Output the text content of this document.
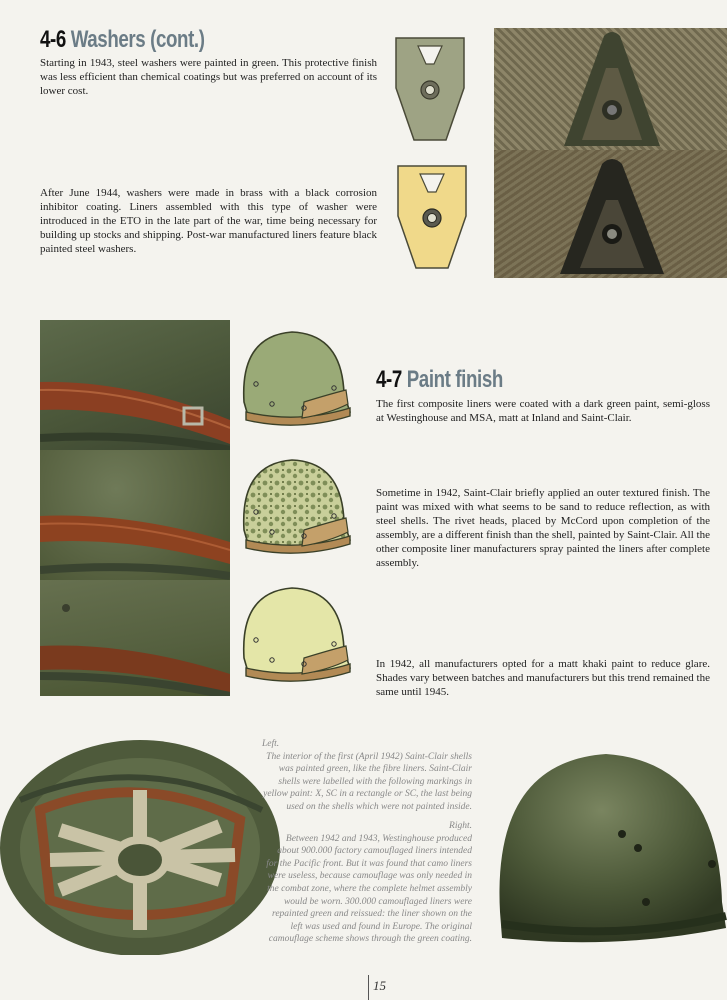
4-6 Washers (cont.)
Starting in 1943, steel washers were painted in green. This protective finish was less efficient than chemical coatings but was preferred on account of its lower cost.
After June 1944, washers were made in brass with a black corrosion inhibitor coating. Liners assembled with this type of washer were introduced in the ETO in the late part of the war, time being necessary for building up stocks and shipping. Post-war manufactured liners feature black painted steel washers.
4-7 Paint finish
The first composite liners were coated with a dark green paint, semi-gloss at Westinghouse and MSA, matt at Inland and Saint-Clair.
Sometime in 1942, Saint-Clair briefly applied an outer textured finish. The paint was mixed with what seems to be sand to reduce reflection, as with steel shells. The rivet heads, placed by McCord upon completion of the assembly, are a different finish than the shell, painted by Saint-Clair. All the other composite liner manufacturers spray painted the liners after complete assembly.
In 1942, all manufacturers opted for a matt khaki paint to reduce glare. Shades vary between batches and manufacturers but this trend remained the same until 1945.
Left.
The interior of the first (April 1942) Saint-Clair shells was painted green, like the fibre liners. Saint-Clair shells were labelled with the following markings in yellow paint: X, SC in a rectangle or SC, the last being used on the shells which were not painted inside.
Right.
Between 1942 and 1943, Westinghouse produced about 900.000 factory camouflaged liners intended for the Pacific front. But it was found that camo liners were useless, because camouflage was only needed in the combat zone, where the complete helmet assembly would be worn. 300.000 camouflaged liners were repainted green and reissued: the liner shown on the left was used and found in Europe. The original camouflage scheme shows through the green coating.
15
